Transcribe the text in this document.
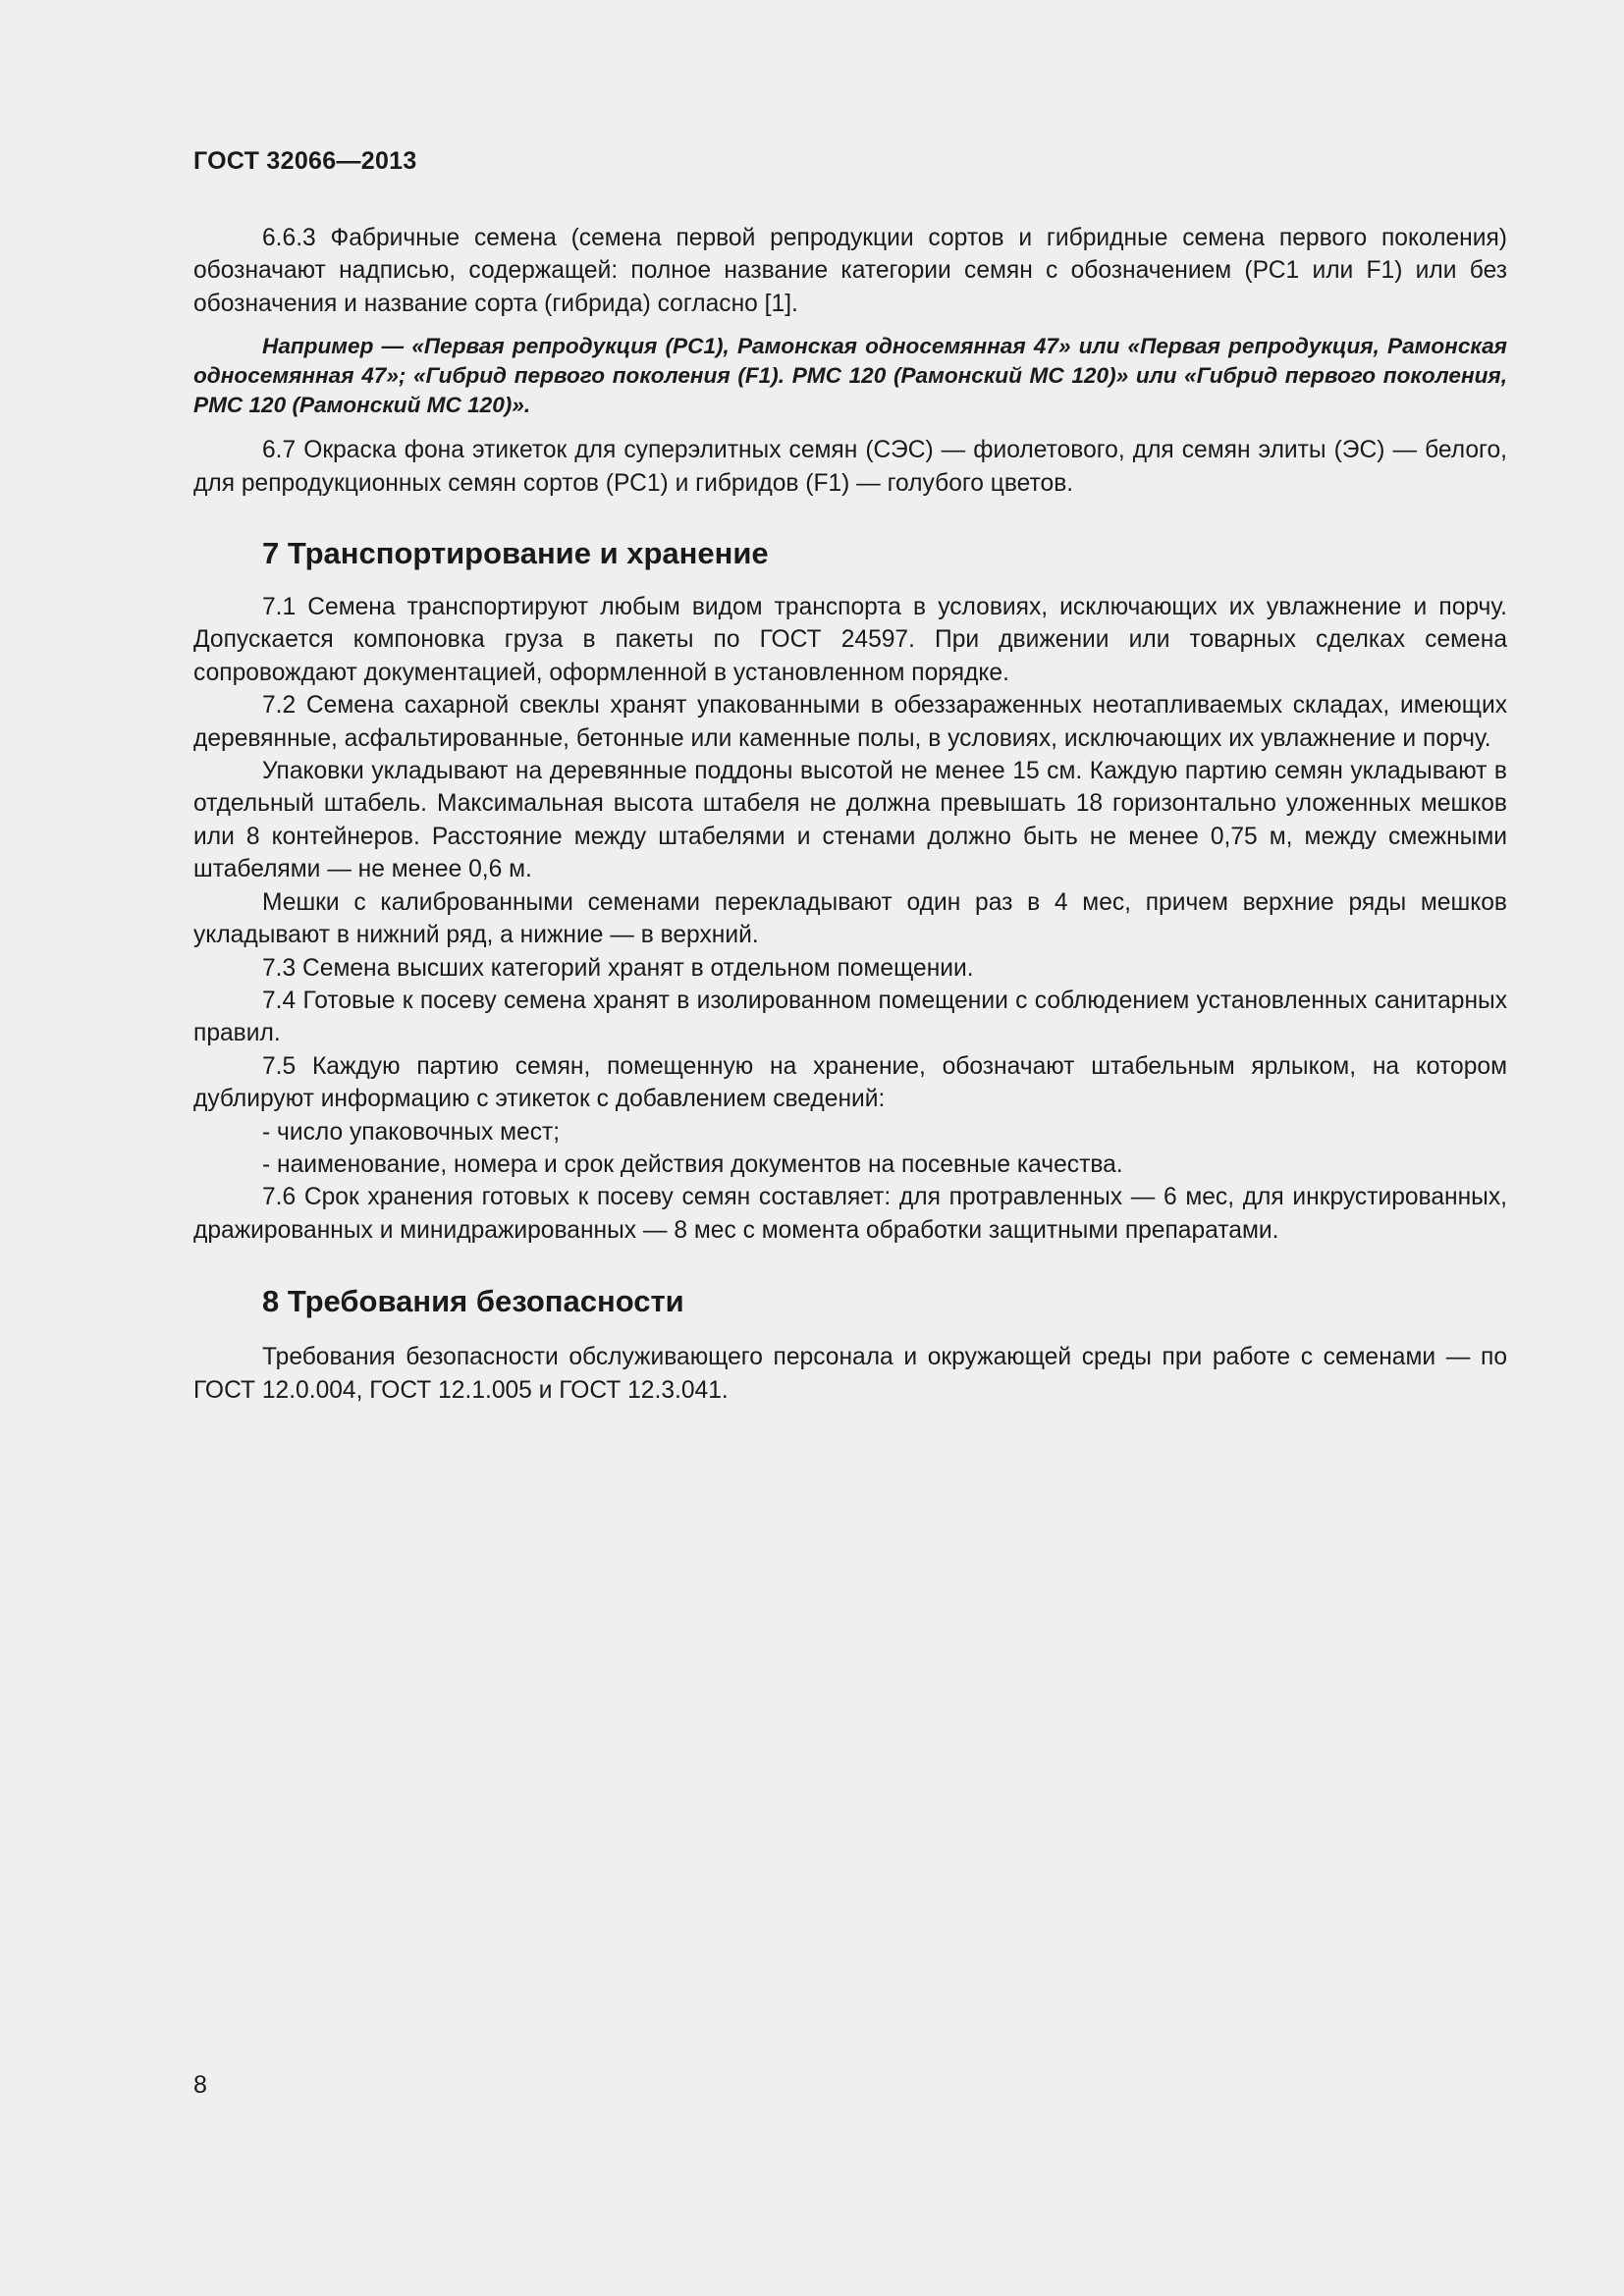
ГОСТ 32066—2013

6.6.3 Фабричные семена (семена первой репродукции сортов и гибридные семена первого поколения) обозначают надписью, содержащей: полное название категории семян с обозначением (РС1 или F1) или без обозначения и название сорта (гибрида) согласно [1].

Например — «Первая репродукция (РС1), Рамонская односемянная 47» или «Первая репродукция, Рамонская односемянная 47»; «Гибрид первого поколения (F1). РМС 120 (Рамонский МС 120)» или «Гибрид первого поколения, РМС 120 (Рамонский МС 120)».

6.7 Окраска фона этикеток для суперэлитных семян (СЭС) — фиолетового, для семян элиты (ЭС) — белого, для репродукционных семян сортов (РС1) и гибридов (F1) — голубого цветов.

7 Транспортирование и хранение

7.1 Семена транспортируют любым видом транспорта в условиях, исключающих их увлажнение и порчу. Допускается компоновка груза в пакеты по ГОСТ 24597. При движении или товарных сделках семена сопровождают документацией, оформленной в установленном порядке.

7.2 Семена сахарной свеклы хранят упакованными в обеззараженных неотапливаемых складах, имеющих деревянные, асфальтированные, бетонные или каменные полы, в условиях, исключающих их увлажнение и порчу.

Упаковки укладывают на деревянные поддоны высотой не менее 15 см. Каждую партию семян укладывают в отдельный штабель. Максимальная высота штабеля не должна превышать 18 горизонтально уложенных мешков или 8 контейнеров. Расстояние между штабелями и стенами должно быть не менее 0,75 м, между смежными штабелями — не менее 0,6 м.

Мешки с калиброванными семенами перекладывают один раз в 4 мес, причем верхние ряды мешков укладывают в нижний ряд, а нижние — в верхний.

7.3 Семена высших категорий хранят в отдельном помещении.

7.4 Готовые к посеву семена хранят в изолированном помещении с соблюдением установленных санитарных правил.

7.5 Каждую партию семян, помещенную на хранение, обозначают штабельным ярлыком, на котором дублируют информацию с этикеток с добавлением сведений:

- число упаковочных мест;

- наименование, номера и срок действия документов на посевные качества.

7.6 Срок хранения готовых к посеву семян составляет: для протравленных — 6 мес, для инкрустированных, дражированных и минидражированных — 8 мес с момента обработки защитными препаратами.

8 Требования безопасности

Требования безопасности обслуживающего персонала и окружающей среды при работе с семенами — по ГОСТ 12.0.004, ГОСТ 12.1.005 и ГОСТ 12.3.041.

8
